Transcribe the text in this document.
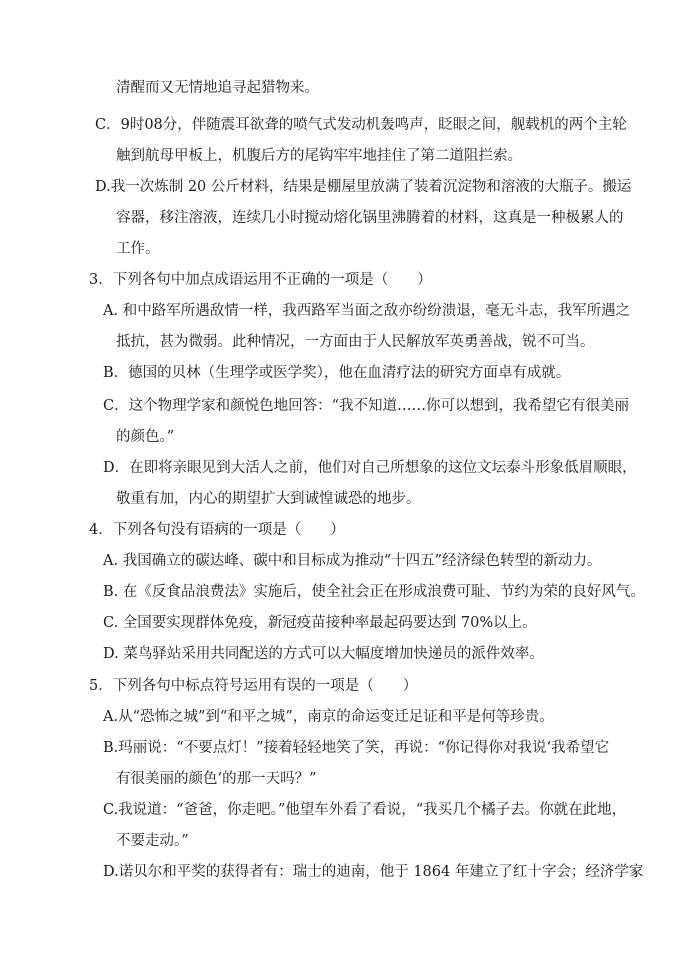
清醒而又无情地追寻起猎物来。
C．9时08分，伴随震耳欲聋的喷气式发动机轰鸣声，眨眼之间，舰载机的两个主轮
触到航母甲板上，机腹后方的尾钩牢牢地挂住了第二道阻拦索。
D.我一次炼制 20 公斤材料，结果是棚屋里放满了装着沉淀物和溶液的大瓶子。搬运
容器，移注溶液，连续几小时搅动熔化锅里沸腾着的材料，这真是一种极累人的
工作。
3．下列各句中加点成语运用不正确的一项是（　　）
A. 和中路军所遇敌情一样，我西路军当面之敌亦纷纷溃退，毫无斗志，我军所遇之
抵抗，甚为微弱。此种情况，一方面由于人民解放军英勇善战，锐不可当。
B．德国的贝林（生理学或医学奖），他在血清疗法的研究方面卓有成就。
C．这个物理学家和颜悦色地回答：“我不知道……你可以想到，我希望它有很美丽
的颜色。”
D．在即将亲眼见到大活人之前，他们对自己所想象的这位文坛泰斗形象低眉顺眼，
敬重有加，内心的期望扩大到诚惶诚恐的地步。
4．下列各句没有语病的一项是（　　）
A. 我国确立的碳达峰、碳中和目标成为推动“十四五”经济绿色转型的新动力。
B. 在《反食品浪费法》实施后，使全社会正在形成浪费可耻、节约为荣的良好风气。
C. 全国要实现群体免疫，新冠疫苗接种率最起码要达到 70%以上。
D. 菜鸟驿站采用共同配送的方式可以大幅度增加快递员的派件效率。
5．下列各句中标点符号运用有误的一项是（　　）
A.从“恐怖之城”到“和平之城”，南京的命运变迁足证和平是何等珍贵。
B.玛丽说：“不要点灯！”接着轻轻地笑了笑，再说：“你记得你对我说‘我希望它
有很美丽的颜色’的那一天吗？”
C.我说道：“爸爸，你走吧。”他望车外看了看说，“我买几个橘子去。你就在此地，
不要走动。”
D.诺贝尔和平奖的获得者有：瑞士的迪南，他于 1864 年建立了红十字会；经济学家
